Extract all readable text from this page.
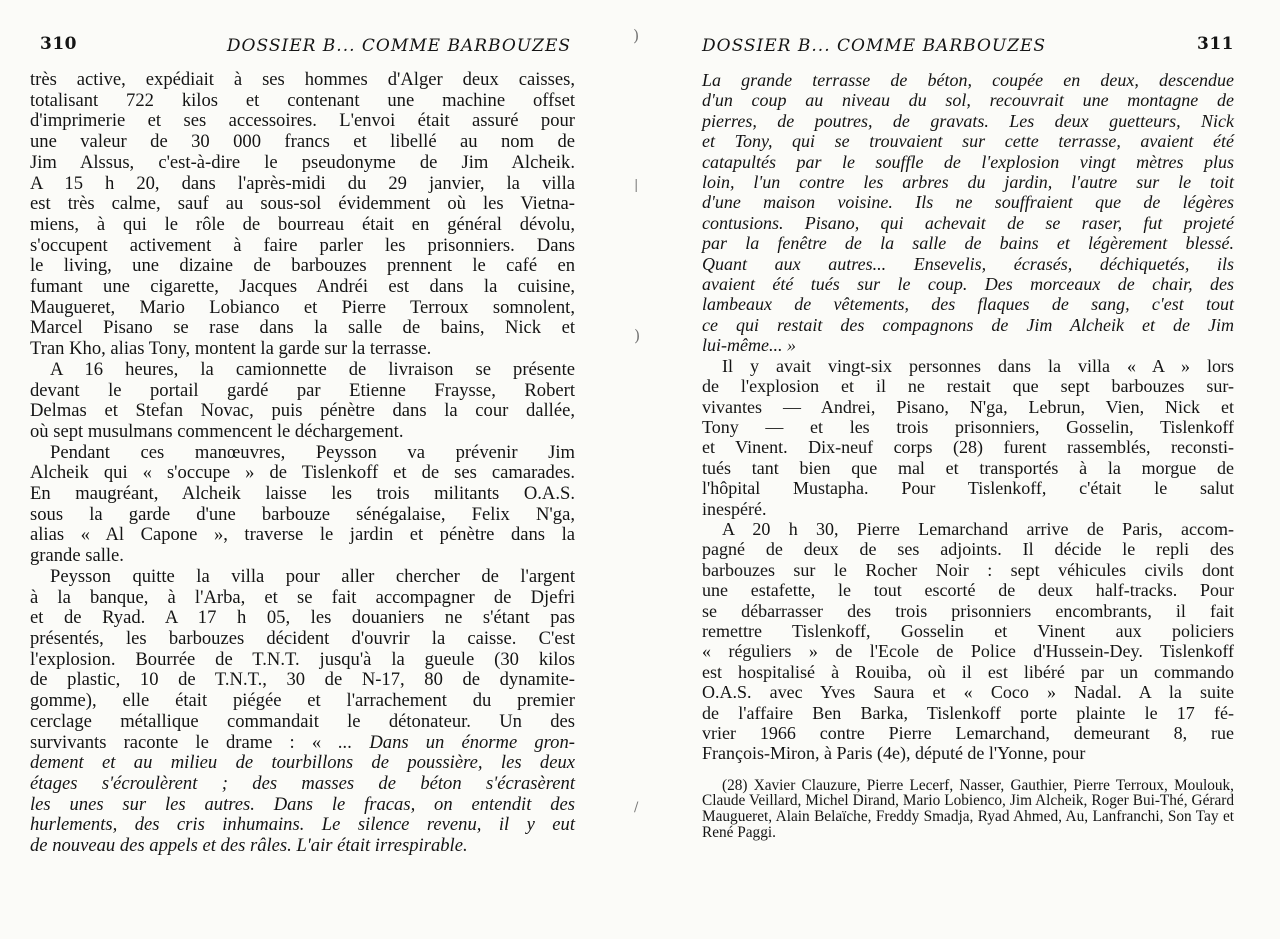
)
|
)
/
310	DOSSIER B... COMME BARBOUZES
très active, expédiait à ses hommes d'Alger deux caisses,
totalisant 722 kilos et contenant une machine offset
d'imprimerie et ses accessoires. L'envoi était assuré pour
une valeur de 30 000 francs et libellé au nom de
Jim Alssus, c'est-à-dire le pseudonyme de Jim Alcheik.
A 15 h 20, dans l'après-midi du 29 janvier, la villa
est très calme, sauf au sous-sol évidemment où les Vietna-
miens, à qui le rôle de bourreau était en général dévolu,
s'occupent activement à faire parler les prisonniers. Dans
le living, une dizaine de barbouzes prennent le café en
fumant une cigarette, Jacques Andréi est dans la cuisine,
Maugueret, Mario Lobianco et Pierre Terroux somnolent,
Marcel Pisano se rase dans la salle de bains, Nick et
Tran Kho, alias Tony, montent la garde sur la terrasse.
A 16 heures, la camionnette de livraison se présente
devant le portail gardé par Etienne Fraysse, Robert
Delmas et Stefan Novac, puis pénètre dans la cour dallée,
où sept musulmans commencent le déchargement.
Pendant ces manœuvres, Peysson va prévenir Jim
Alcheik qui « s'occupe » de Tislenkoff et de ses camarades.
En maugréant, Alcheik laisse les trois militants O.A.S.
sous la garde d'une barbouze sénégalaise, Felix N'ga,
alias « Al Capone », traverse le jardin et pénètre dans la
grande salle.
Peysson quitte la villa pour aller chercher de l'argent
à la banque, à l'Arba, et se fait accompagner de Djefri
et de Ryad. A 17 h 05, les douaniers ne s'étant pas
présentés, les barbouzes décident d'ouvrir la caisse. C'est
l'explosion. Bourrée de T.N.T. jusqu'à la gueule (30 kilos
de plastic, 10 de T.N.T., 30 de N-17, 80 de dynamite-
gomme), elle était piégée et l'arrachement du premier
cerclage métallique commandait le détonateur. Un des
survivants raconte le drame : « ... Dans un énorme gron-
dement et au milieu de tourbillons de poussière, les deux
étages s'écroulèrent ; des masses de béton s'écrasèrent
les unes sur les autres. Dans le fracas, on entendit des
hurlements, des cris inhumains. Le silence revenu, il y eut
de nouveau des appels et des râles. L'air était irrespirable.
DOSSIER B... COMME BARBOUZES	311
La grande terrasse de béton, coupée en deux, descendue
d'un coup au niveau du sol, recouvrait une montagne de
pierres, de poutres, de gravats. Les deux guetteurs, Nick
et Tony, qui se trouvaient sur cette terrasse, avaient été
catapultés par le souffle de l'explosion vingt mètres plus
loin, l'un contre les arbres du jardin, l'autre sur le toit
d'une maison voisine. Ils ne souffraient que de légères
contusions. Pisano, qui achevait de se raser, fut projeté
par la fenêtre de la salle de bains et légèrement blessé.
Quant aux autres... Ensevelis, écrasés, déchiquetés, ils
avaient été tués sur le coup. Des morceaux de chair, des
lambeaux de vêtements, des flaques de sang, c'est tout
ce qui restait des compagnons de Jim Alcheik et de Jim
lui-même... »
Il y avait vingt-six personnes dans la villa « A » lors
de l'explosion et il ne restait que sept barbouzes sur-
vivantes — Andrei, Pisano, N'ga, Lebrun, Vien, Nick et
Tony — et les trois prisonniers, Gosselin, Tislenkoff
et Vinent. Dix-neuf corps (28) furent rassemblés, reconsti-
tués tant bien que mal et transportés à la morgue de
l'hôpital Mustapha. Pour Tislenkoff, c'était le salut
inespéré.
A 20 h 30, Pierre Lemarchand arrive de Paris, accom-
pagné de deux de ses adjoints. Il décide le repli des
barbouzes sur le Rocher Noir : sept véhicules civils dont
une estafette, le tout escorté de deux half-tracks. Pour
se débarrasser des trois prisonniers encombrants, il fait
remettre Tislenkoff, Gosselin et Vinent aux policiers
« réguliers » de l'Ecole de Police d'Hussein-Dey. Tislenkoff
est hospitalisé à Rouiba, où il est libéré par un commando
O.A.S. avec Yves Saura et « Coco » Nadal. A la suite
de l'affaire Ben Barka, Tislenkoff porte plainte le 17 fé-
vrier 1966 contre Pierre Lemarchand, demeurant 8, rue
François-Miron, à Paris (4e), député de l'Yonne, pour
(28) Xavier Clauzure, Pierre Lecerf, Nasser, Gauthier, Pierre Terroux, Moulouk, Claude Veillard, Michel Dirand, Mario Lobienco, Jim Alcheik, Roger Bui-Thé, Gérard Maugueret, Alain Belaïche, Freddy Smadja, Ryad Ahmed, Au, Lanfranchi, Son Tay et René Paggi.
